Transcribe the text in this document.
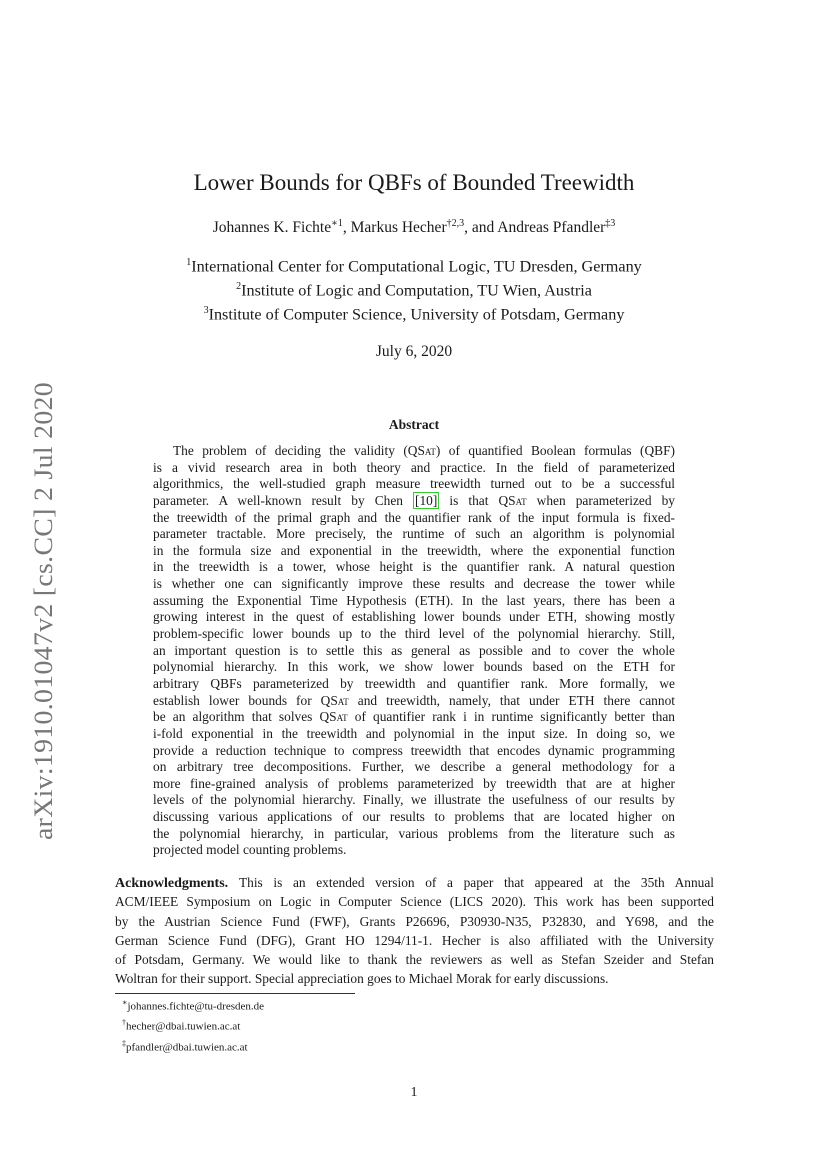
arXiv:1910.01047v2 [cs.CC] 2 Jul 2020
Lower Bounds for QBFs of Bounded Treewidth
Johannes K. Fichte$^{∗1}$, Markus Hecher$^{\dagger 2,3}$, and Andreas Pfandler$^{\ddagger 3}$
$^1$International Center for Computational Logic, TU Dresden, Germany
$^2$Institute of Logic and Computation, TU Wien, Austria
$^3$Institute of Computer Science, University of Potsdam, Germany
July 6, 2020
Abstract
The problem of deciding the validity (QSat) of quantified Boolean formulas (QBF)
is a vivid research area in both theory and practice. In the field of parameterized
algorithmics, the well-studied graph measure treewidth turned out to be a successful
parameter. A well-known result by Chen [10] is that QSat when parameterized by
the treewidth of the primal graph and the quantifier rank of the input formula is fixed-
parameter tractable. More precisely, the runtime of such an algorithm is polynomial
in the formula size and exponential in the treewidth, where the exponential function
in the treewidth is a tower, whose height is the quantifier rank. A natural question
is whether one can significantly improve these results and decrease the tower while
assuming the Exponential Time Hypothesis (ETH). In the last years, there has been a
growing interest in the quest of establishing lower bounds under ETH, showing mostly
problem-specific lower bounds up to the third level of the polynomial hierarchy. Still,
an important question is to settle this as general as possible and to cover the whole
polynomial hierarchy. In this work, we show lower bounds based on the ETH for
arbitrary QBFs parameterized by treewidth and quantifier rank. More formally, we
establish lower bounds for QSat and treewidth, namely, that under ETH there cannot
be an algorithm that solves QSat of quantifier rank i in runtime significantly better than
i-fold exponential in the treewidth and polynomial in the input size. In doing so, we
provide a reduction technique to compress treewidth that encodes dynamic programming
on arbitrary tree decompositions. Further, we describe a general methodology for a
more fine-grained analysis of problems parameterized by treewidth that are at higher
levels of the polynomial hierarchy. Finally, we illustrate the usefulness of our results by
discussing various applications of our results to problems that are located higher on
the polynomial hierarchy, in particular, various problems from the literature such as
projected model counting problems.
Acknowledgments. This is an extended version of a paper that appeared at the 35th Annual
ACM/IEEE Symposium on Logic in Computer Science (LICS 2020). This work has been supported
by the Austrian Science Fund (FWF), Grants P26696, P30930-N35, P32830, and Y698, and the
German Science Fund (DFG), Grant HO 1294/11-1. Hecher is also affiliated with the University
of Potsdam, Germany. We would like to thank the reviewers as well as Stefan Szeider and Stefan
Woltran for their support. Special appreciation goes to Michael Morak for early discussions.
∗johannes.fichte@tu-dresden.de
†hecher@dbai.tuwien.ac.at
‡pfandler@dbai.tuwien.ac.at
1
